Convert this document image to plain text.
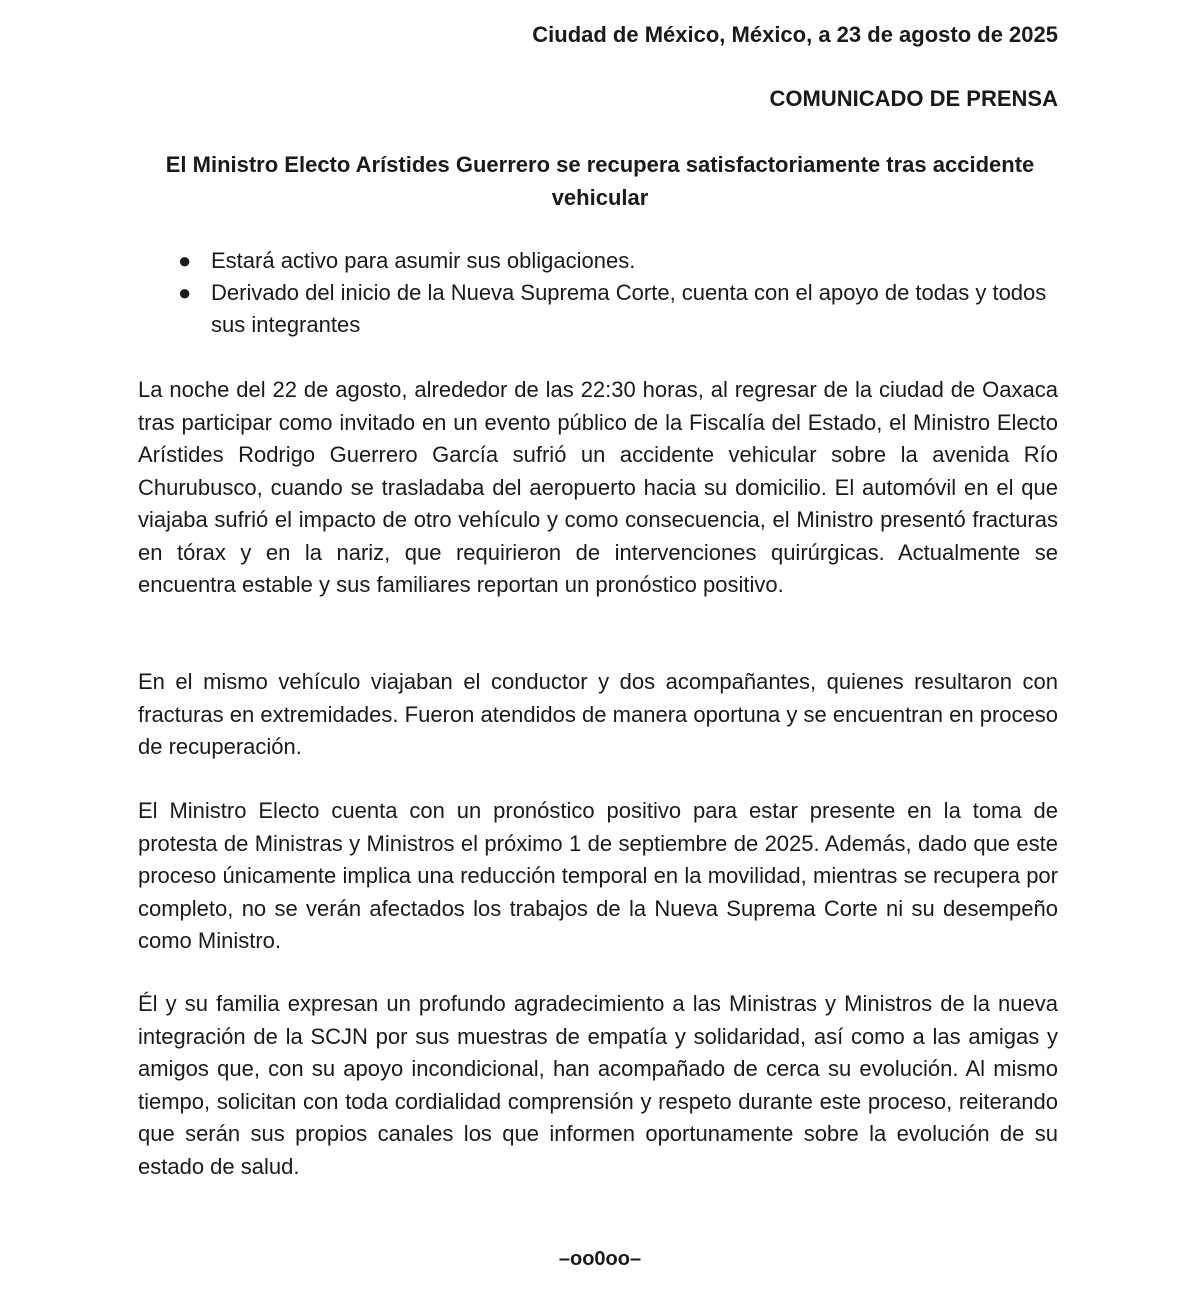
Ciudad de México, México, a 23 de agosto de 2025
COMUNICADO DE PRENSA
El Ministro Electo Arístides Guerrero se recupera satisfactoriamente tras accidente vehicular
● Estará activo para asumir sus obligaciones.
● Derivado del inicio de la Nueva Suprema Corte, cuenta con el apoyo de todas y todos sus integrantes

La noche del 22 de agosto, alrededor de las 22:30 horas, al regresar de la ciudad de Oaxaca tras participar como invitado en un evento público de la Fiscalía del Estado, el Ministro Electo Arístides Rodrigo Guerrero García sufrió un accidente vehicular sobre la avenida Río Churubusco, cuando se trasladaba del aeropuerto hacia su domicilio. El automóvil en el que viajaba sufrió el impacto de otro vehículo y como consecuencia, el Ministro presentó fracturas en tórax y en la nariz, que requirieron de intervenciones quirúrgicas. Actualmente se encuentra estable y sus familiares reportan un pronóstico positivo.

En el mismo vehículo viajaban el conductor y dos acompañantes, quienes resultaron con fracturas en extremidades. Fueron atendidos de manera oportuna y se encuentran en proceso de recuperación.

El Ministro Electo cuenta con un pronóstico positivo para estar presente en la toma de protesta de Ministras y Ministros el próximo 1 de septiembre de 2025. Además, dado que este proceso únicamente implica una reducción temporal en la movilidad, mientras se recupera por completo, no se verán afectados los trabajos de la Nueva Suprema Corte ni su desempeño como Ministro.

Él y su familia expresan un profundo agradecimiento a las Ministras y Ministros de la nueva integración de la SCJN por sus muestras de empatía y solidaridad, así como a las amigas y amigos que, con su apoyo incondicional, han acompañado de cerca su evolución. Al mismo tiempo, solicitan con toda cordialidad comprensión y respeto durante este proceso, reiterando que serán sus propios canales los que informen oportunamente sobre la evolución de su estado de salud.

–oo0oo–
